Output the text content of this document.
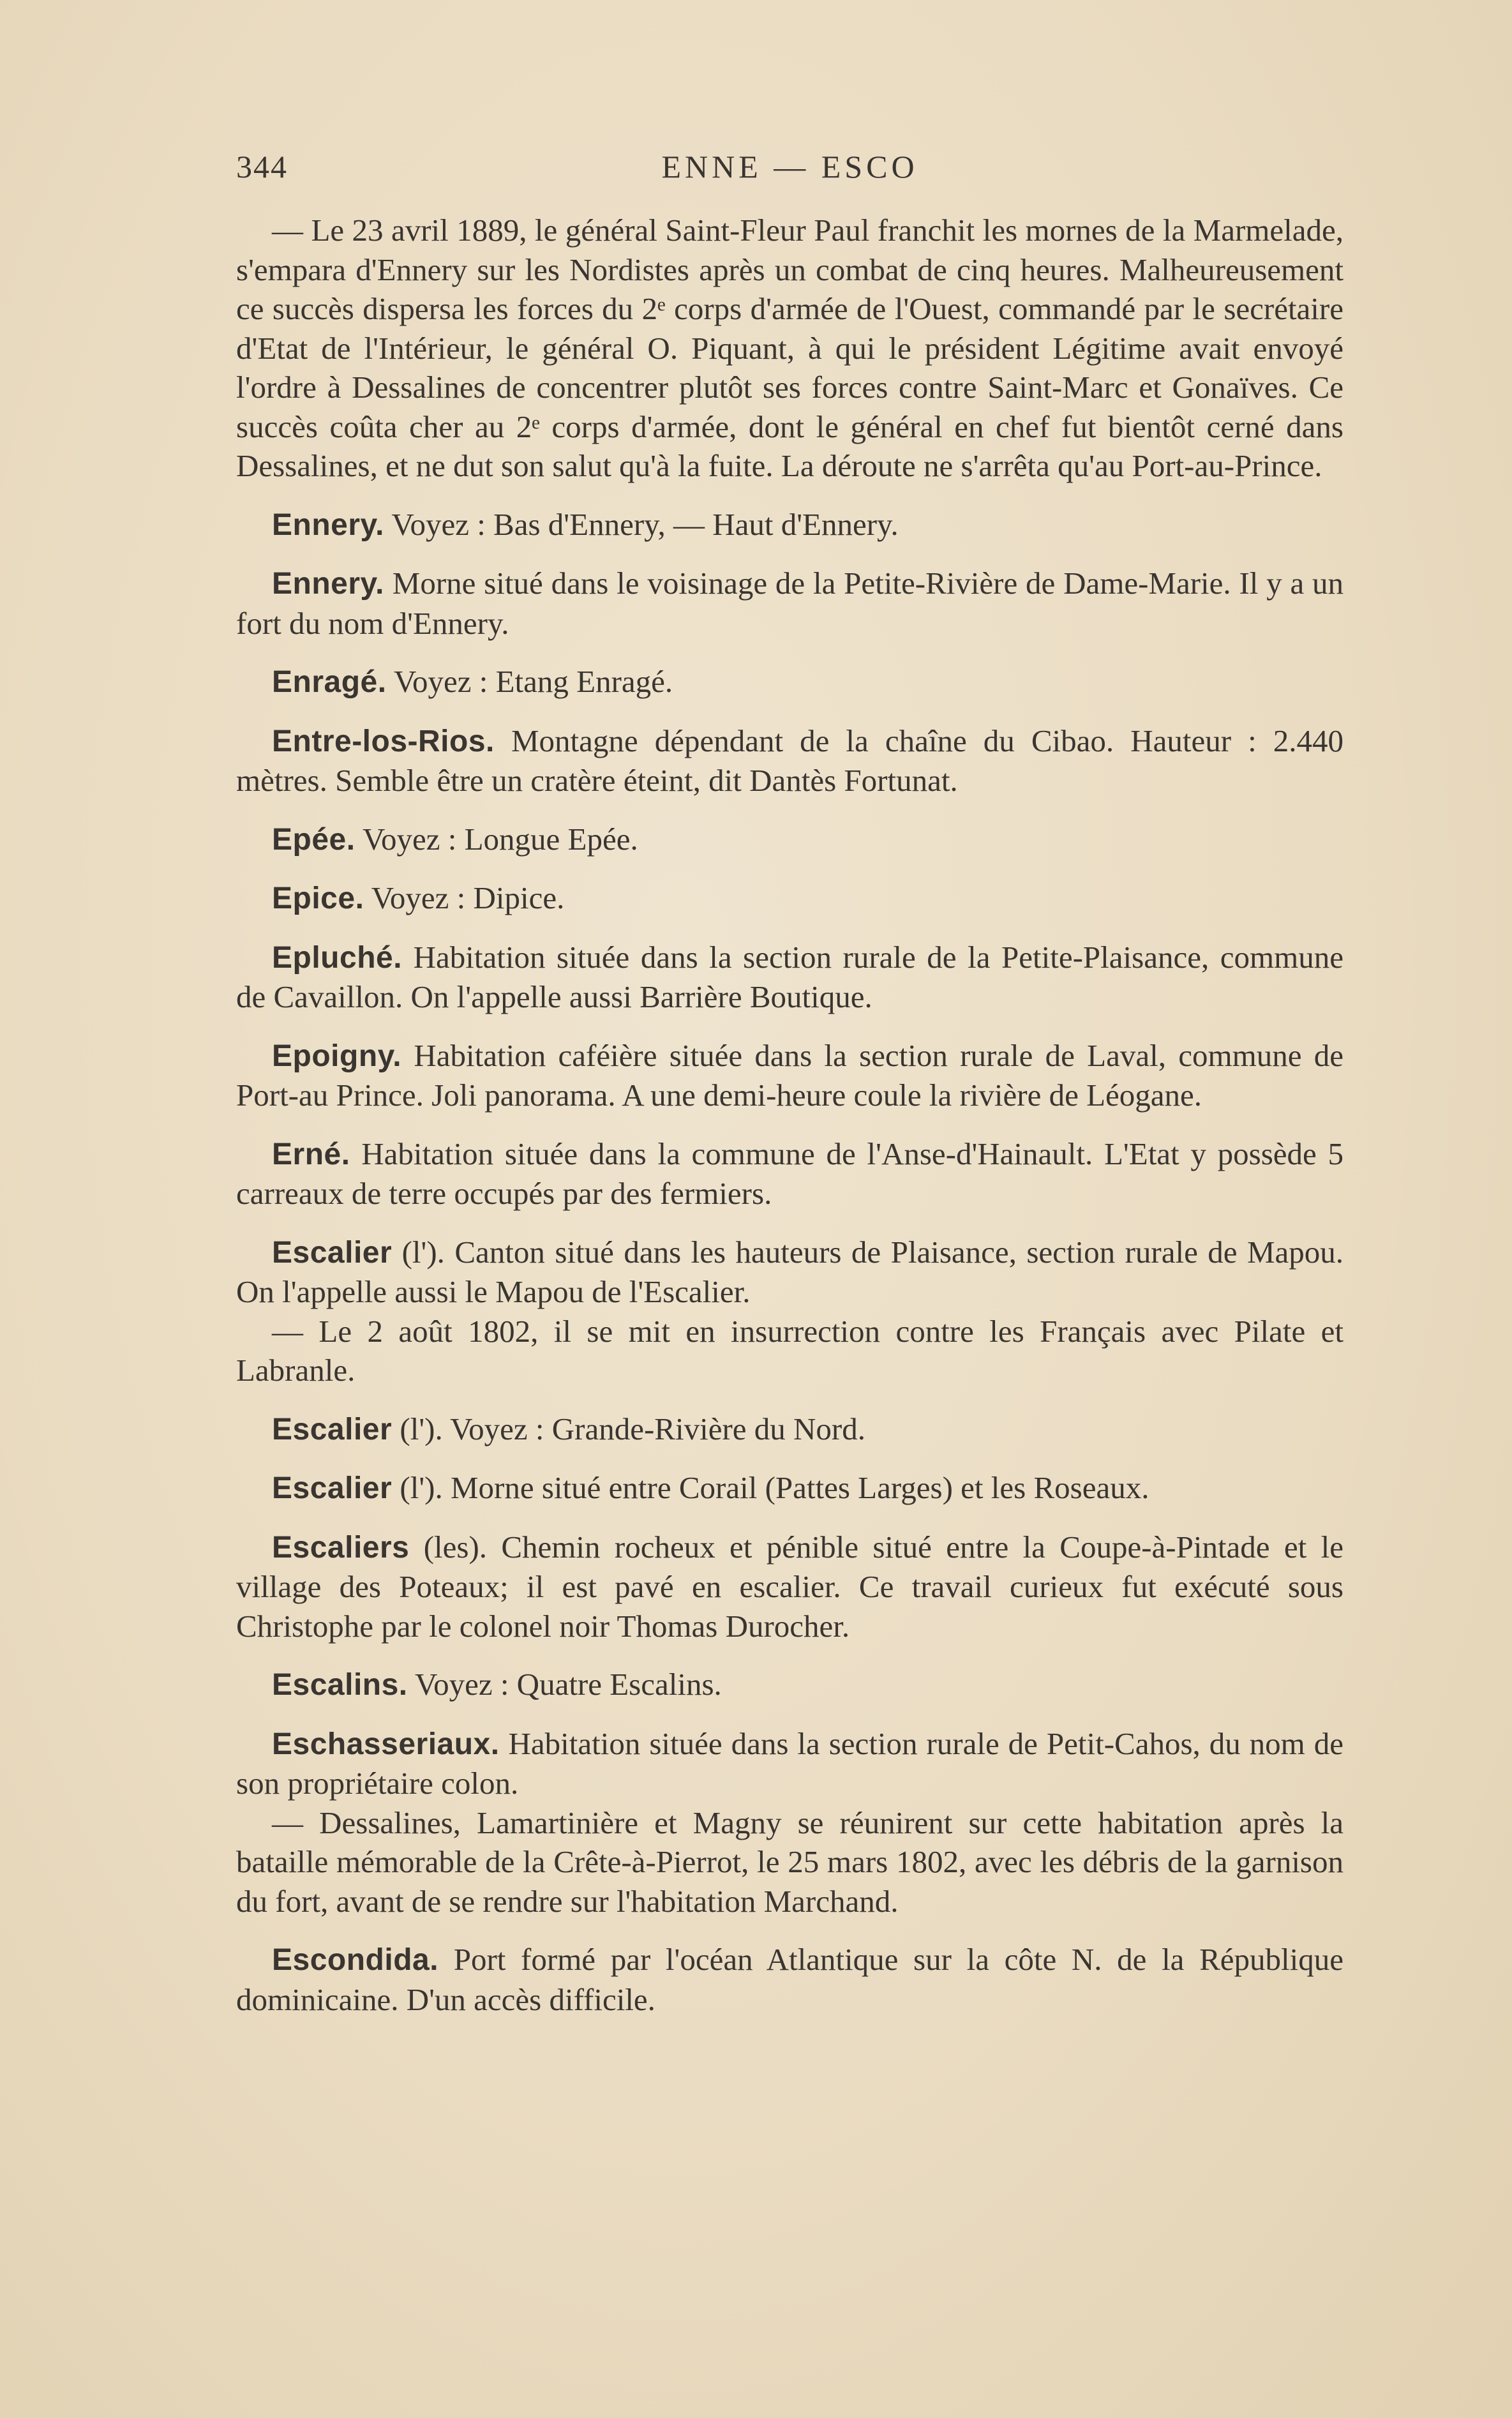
344	ENNE — ESCO

— Le 23 avril 1889, le général Saint-Fleur Paul franchit les mornes de la Marmelade, s'empara d'Ennery sur les Nordistes après un combat de cinq heures. Malheureusement ce succès dispersa les forces du 2ᵉ corps d'armée de l'Ouest, commandé par le secrétaire d'Etat de l'Intérieur, le général O. Piquant, à qui le président Légitime avait envoyé l'ordre à Dessalines de concentrer plutôt ses forces contre Saint-Marc et Gonaïves. Ce succès coûta cher au 2ᵉ corps d'armée, dont le général en chef fut bientôt cerné dans Dessalines, et ne dut son salut qu'à la fuite. La déroute ne s'arrêta qu'au Port-au-Prince.

Ennery. Voyez : Bas d'Ennery, — Haut d'Ennery.

Ennery. Morne situé dans le voisinage de la Petite-Rivière de Dame-Marie. Il y a un fort du nom d'Ennery.

Enragé. Voyez : Etang Enragé.

Entre-los-Rios. Montagne dépendant de la chaîne du Cibao. Hauteur : 2.440 mètres. Semble être un cratère éteint, dit Dantès Fortunat.

Epée. Voyez : Longue Epée.

Epice. Voyez : Dipice.

Epluché. Habitation située dans la section rurale de la Petite-Plaisance, commune de Cavaillon. On l'appelle aussi Barrière Boutique.

Epoigny. Habitation caféière située dans la section rurale de Laval, commune de Port-au Prince. Joli panorama. A une demi-heure coule la rivière de Léogane.

Erné. Habitation située dans la commune de l'Anse-d'Hainault. L'Etat y possède 5 carreaux de terre occupés par des fermiers.

Escalier (l'). Canton situé dans les hauteurs de Plaisance, section rurale de Mapou. On l'appelle aussi le Mapou de l'Escalier.

— Le 2 août 1802, il se mit en insurrection contre les Français avec Pilate et Labranle.

Escalier (l'). Voyez : Grande-Rivière du Nord.

Escalier (l'). Morne situé entre Corail (Pattes Larges) et les Roseaux.

Escaliers (les). Chemin rocheux et pénible situé entre la Coupe-à-Pintade et le village des Poteaux; il est pavé en escalier. Ce travail curieux fut exécuté sous Christophe par le colonel noir Thomas Durocher.

Escalins. Voyez : Quatre Escalins.

Eschasseriaux. Habitation située dans la section rurale de Petit-Cahos, du nom de son propriétaire colon.

— Dessalines, Lamartinière et Magny se réunirent sur cette habitation après la bataille mémorable de la Crête-à-Pierrot, le 25 mars 1802, avec les débris de la garnison du fort, avant de se rendre sur l'habitation Marchand.

Escondida. Port formé par l'océan Atlantique sur la côte N. de la République dominicaine. D'un accès difficile.
